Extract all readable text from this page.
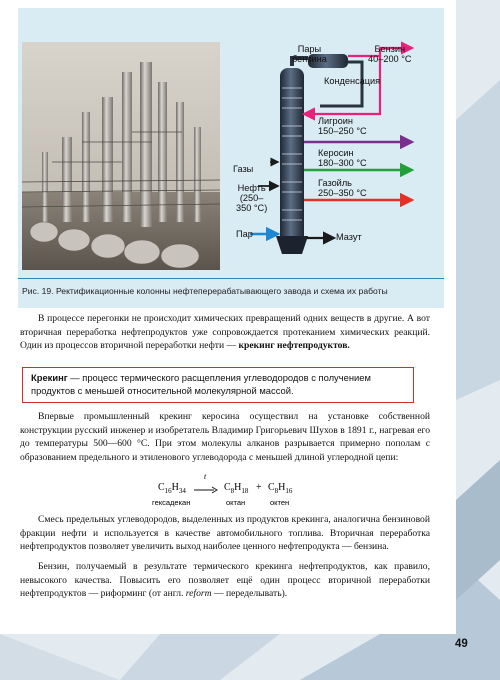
Пары
бензина
Бензин
40–200 °С
Конденсация
Лигроин
150–250 °С
Керосин
180–300 °С
Газойль
250–350 °С
Газы
Нефть
(250–
350 °С)
Пар	Мазут
Рис. 19. Ректификационные колонны нефтеперерабатывающего завода и схема их работы

В процессе перегонки не происходит химических превращений одних веществ в другие. А вот вторичная переработка нефтепродуктов уже сопровождается протеканием химических реакций. Один из процессов вторичной переработки нефти — крекинг нефтепродуктов.

Крекинг — процесс термического расщепления углеводородов с получением продуктов с меньшей относительной молекулярной массой.

Впервые промышленный крекинг керосина осуществил на установке собственной конструкции русский инженер и изобретатель Владимир Григорьевич Шухов в 1891 г., нагревая его до температуры 500—600 °С. При этом молекулы алканов разрывается примерно пополам с образованием предельного и этиленового углеводорода с меньшей длиной углеродной цепи:

$C_{16}H_{34}$
гексадекан
t
$C_8H_{18}$
октан
+ $C_8H_{16}$
октен

Смесь предельных углеводородов, выделенных из продуктов крекинга, аналогична бензиновой фракции нефти и используется в качестве автомобильного топлива. Вторичная переработка нефтепродуктов позволяет увеличить выход наиболее ценного нефтепродукта — бензина.

Бензин, получаемый в результате термического крекинга нефтепродуктов, как правило, невысокого качества. Повысить его позволяет ещё один процесс вторичной переработки нефтепродуктов — риформинг (от англ. reform — переделывать).

49
